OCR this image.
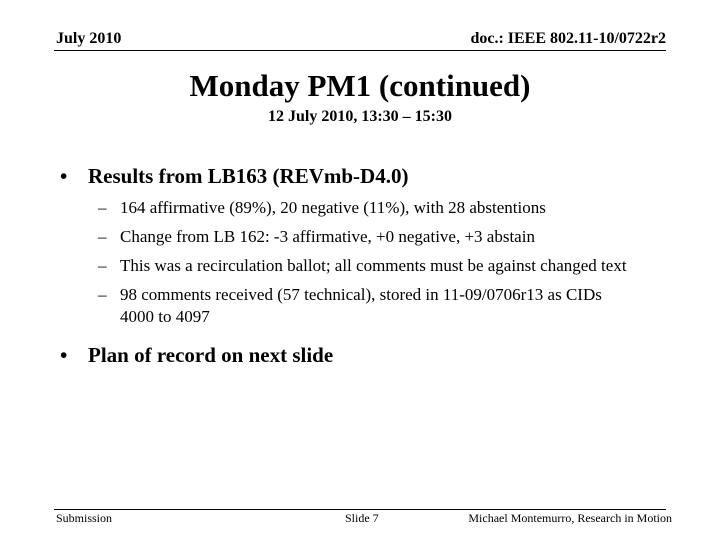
July 2010	doc.: IEEE 802.11-10/0722r2
Monday PM1 (continued)
12 July 2010, 13:30 – 15:30
• Results from LB163 (REVmb-D4.0)
– 164 affirmative (89%), 20 negative (11%), with 28 abstentions
– Change from LB 162: -3 affirmative, +0 negative, +3 abstain
– This was a recirculation ballot; all comments must be against changed text
– 98 comments received (57 technical), stored in 11-09/0706r13 as CIDs 4000 to 4097
• Plan of record on next slide
Submission	Slide 7	Michael Montemurro, Research in Motion
